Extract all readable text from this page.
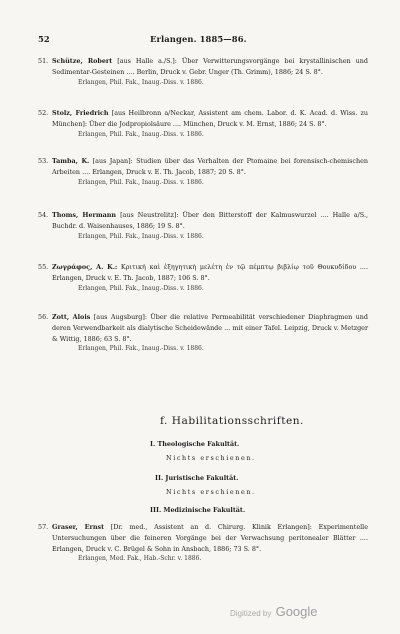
52	Erlangen. 1885—86.
51. Schütze, Robert [aus Halle a./S.]: Über Verwitterungsvorgänge bei krystallinischen und Sedimentar-Gesteinen .... Berlin, Druck v. Gebr. Unger (Th. Grimm), 1886; 24 S. 8°.
Erlangen, Phil. Fak., Inaug.-Diss. v. 1886.
52. Stolz, Friedrich [aus Heilbronn a/Neckar, Assistent am chem. Labor. d. K. Acad. d. Wiss. zu München]: Über die Jodpropiolsäure .... München, Druck v. M. Ernst, 1886; 24 S. 8°.
Erlangen, Phil. Fak., Inaug.-Diss. v. 1886.
53. Tamba, K. [aus Japan]: Studien über das Verhalten der Ptomaine bei forensisch-chemischen Arbeiten .... Erlangen, Druck v. E. Th. Jacob, 1887; 20 S. 8°.
Erlangen, Phil. Fak., Inaug.-Diss. v. 1886.
54. Thoms, Hermann [aus Neustrelitz]: Über den Bitterstoff der Kalmuswurzel .... Halle a/S., Buchdr. d. Waisenhauses, 1886; 19 S. 8°.
Erlangen, Phil. Fak., Inaug.-Diss. v. 1886.
55. Ζωγράφος, Α. Κ.: Κριτική καὶ ἐξηγητικὴ μελέτη ἐν τῷ πέμπτῳ βιβλίῳ τοῦ Θουκυδίδου .... Erlangen, Druck v. E. Th. Jacob, 1887; 106 S. 8°.
Erlangen, Phil. Fak., Inaug.-Diss. v. 1886.
56. Zott, Alois [aus Augsburg]: Über die relative Permeabilität verschiedener Diaphragmen und deren Verwendbarkeit als dialytische Scheidewände ... mit einer Tafel. Leipzig, Druck v. Metzger & Wittig, 1886; 63 S. 8°.
Erlangen, Phil. Fak., Inaug.-Diss. v. 1886.
f. Habilitationsschriften.
I. Theologische Fakultät.
Nichts erschienen.
II. Juristische Fakultät.
Nichts erschienen.
III. Medizinische Fakultät.
57. Graser, Ernst [Dr. med., Assistent an d. Chirurg. Klinik Erlangen]: Experimentelle Untersuchungen über die feineren Vorgänge bei der Verwachsung peritonealer Blätter .... Erlangen, Druck v. C. Brügel & Sohn in Ansbach, 1886; 73 S. 8°.
Erlangen, Med. Fak., Hab.-Schr. v. 1886.
Digitized by Google
